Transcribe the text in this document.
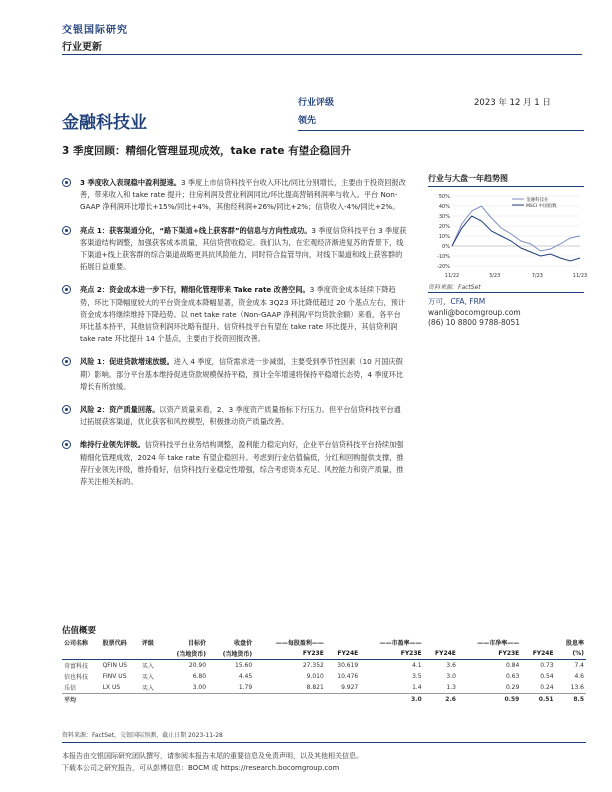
交银国际研究
行业更新
金融科技业
行业评级
领先
2023 年 12 月 1 日
3 季度回顾：精细化管理显现成效，take rate 有望企稳回升
3 季度收入表现稳中盈利提速。3 季度上市信贷科技平台收入环比/同比分别增长，主要由于投资回报改善，带来收入和 take rate 提升；住房利润及营业利润同比/环比提高营销利润率与收入。平台 Non-GAAP 净利润环比增长+15%/同比+4%，其他经利润+26%/同比+2%；信贷收入-4%/同比+2%。
亮点 1：获客渠道分化，“路下渠道+线上获客群”的信息与方向性成功。3 季度信贷科技平台 3 季度获客渠道结构调整，加强获客成本质量，其信贷营收稳定。我们认为，在宏观经济渐进复苏的背景下，线下渠道+线上获客群的综合渠道战略更具抗风险能力，同时符合监管导向，对线下渠道和线上获客群的拓展日益重要。
亮点 2：资金成本进一步下行，精细化管理带来 Take rate 改善空间。3 季度资金成本延续下降趋势，环比下降幅度较大的平台资金成本降幅显著，资金成本 3Q23 环比降低超过 20 个基点左右，预计资金成本将继续维持下降趋势。以 net take rate（Non-GAAP 净利润/平均贷款余额）来看，各平台环比基本持平，其他信贷利润环比略有提升。信贷科技平台有望在 take rate 环比提升，其信贷利润 take rate 环比提升 14 个基点，主要由于投资回报改善。
风险 1：促进贷款增速放缓。进入 4 季度，信贷需求进一步减弱，主要受到季节性因素（10 月国庆假期）影响。部分平台基本维持促进贷款规模保持平稳，预计全年增速将保持平稳增长态势，4 季度环比增长有所放缓。
风险 2：资产质量回落。以资产质量来看，2、3 季度资产质量指标下行压力。但平台信贷科技平台通过拓展获客渠道，优化获客和风控模型，积极推动资产质量改善。
维持行业领先评级。信贷科技平台业务结构调整，盈利能力稳定向好，企业平台信贷科技平台持续加强精细化管理成效，2024 年 take rate 有望企稳回升。考虑到行业估值偏低，分红和回购提供支撑，推荐行业领先评级，维持看好，信贷科技行业稳定性增强，综合考虑资本充足、风控能力和资产质量，推荐关注相关标的。
行业与大盘一年趋势图
50%
40%
30%
20%
10%
0%
-10%
-20%
11/22	3/23	7/23	11/23
金融科技业
MSCI 中国指数
资料来源：FactSet
万可，CFA, FRM
wanli@bocomgroup.com
(86) 10 8800 9788-8051
估值概要
公司名称	股票代码	评级	目标价	收盘价	——每股盈利——		——市盈率——		——市净率——		股息率
			(当地货币)	(当地货币)	FY23E	FY24E	FY23E	FY24E	FY23E	FY24E	(%)
奇富科技	QFIN US	买入	20.90	15.60	27.352	30.619	4.1	3.6	0.84	0.73	7.4
信也科技	FINV US	买入	6.80	4.45	9.010	10.476	3.5	3.0	0.63	0.54	4.6
乐信	LX US	买入	3.00	1.79	8.821	9.927	1.4	1.3	0.29	0.24	13.6
平均							3.0	2.6	0.59	0.51	8.5
资料来源：FactSet，交银国际预测，截止日期 2023-11-28
本报告由交银国际研究团队撰写，请参阅本报告末尾的重要信息及免责声明，以及其他相关信息。
下载本公司之研究报告，可从彭博信息：BOCM 或 https://research.bocomgroup.com
